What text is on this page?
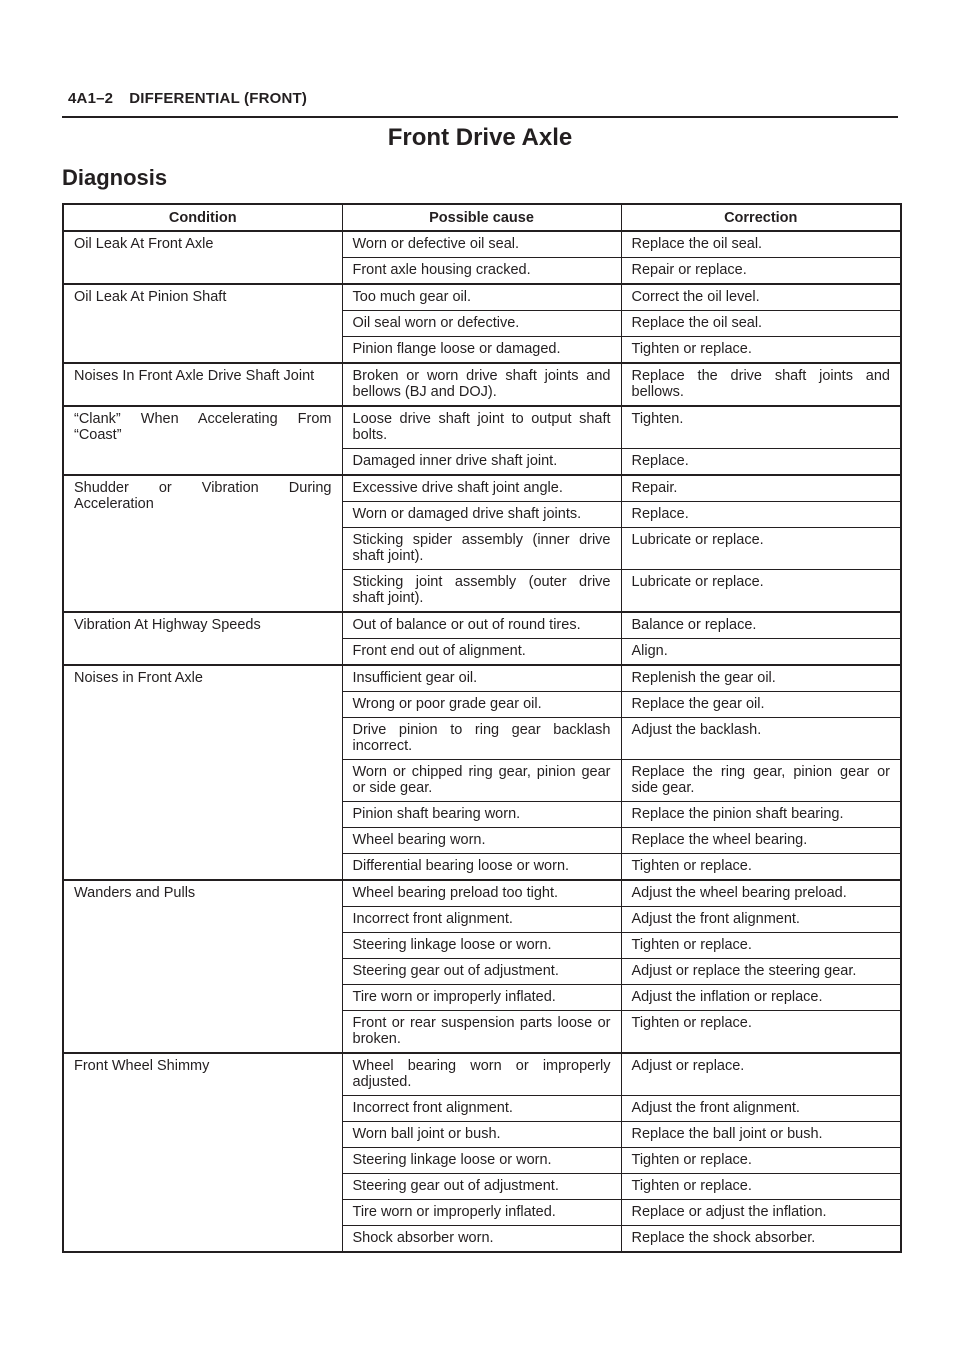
4A1–2 DIFFERENTIAL (FRONT)
Front Drive Axle
Diagnosis
Condition	Possible cause	Correction
Oil Leak At Front Axle	Worn or defective oil seal.	Replace the oil seal.
	Front axle housing cracked.	Repair or replace.
Oil Leak At Pinion Shaft	Too much gear oil.	Correct the oil level.
	Oil seal worn or defective.	Replace the oil seal.
	Pinion flange loose or damaged.	Tighten or replace.
Noises In Front Axle Drive Shaft Joint	Broken or worn drive shaft joints and bellows (BJ and DOJ).	Replace the drive shaft joints and bellows.
“Clank” When Accelerating From “Coast”	Loose drive shaft joint to output shaft bolts.	Tighten.
	Damaged inner drive shaft joint.	Replace.
Shudder or Vibration During Acceleration	Excessive drive shaft joint angle.	Repair.
	Worn or damaged drive shaft joints.	Replace.
	Sticking spider assembly (inner drive shaft joint).	Lubricate or replace.
	Sticking joint assembly (outer drive shaft joint).	Lubricate or replace.
Vibration At Highway Speeds	Out of balance or out of round tires.	Balance or replace.
	Front end out of alignment.	Align.
Noises in Front Axle	Insufficient gear oil.	Replenish the gear oil.
	Wrong or poor grade gear oil.	Replace the gear oil.
	Drive pinion to ring gear backlash incorrect.	Adjust the backlash.
	Worn or chipped ring gear, pinion gear or side gear.	Replace the ring gear, pinion gear or side gear.
	Pinion shaft bearing worn.	Replace the pinion shaft bearing.
	Wheel bearing worn.	Replace the wheel bearing.
	Differential bearing loose or worn.	Tighten or replace.
Wanders and Pulls	Wheel bearing preload too tight.	Adjust the wheel bearing preload.
	Incorrect front alignment.	Adjust the front alignment.
	Steering linkage loose or worn.	Tighten or replace.
	Steering gear out of adjustment.	Adjust or replace the steering gear.
	Tire worn or improperly inflated.	Adjust the inflation or replace.
	Front or rear suspension parts loose or broken.	Tighten or replace.
Front Wheel Shimmy	Wheel bearing worn or improperly adjusted.	Adjust or replace.
	Incorrect front alignment.	Adjust the front alignment.
	Worn ball joint or bush.	Replace the ball joint or bush.
	Steering linkage loose or worn.	Tighten or replace.
	Steering gear out of adjustment.	Tighten or replace.
	Tire worn or improperly inflated.	Replace or adjust the inflation.
	Shock absorber worn.	Replace the shock absorber.
